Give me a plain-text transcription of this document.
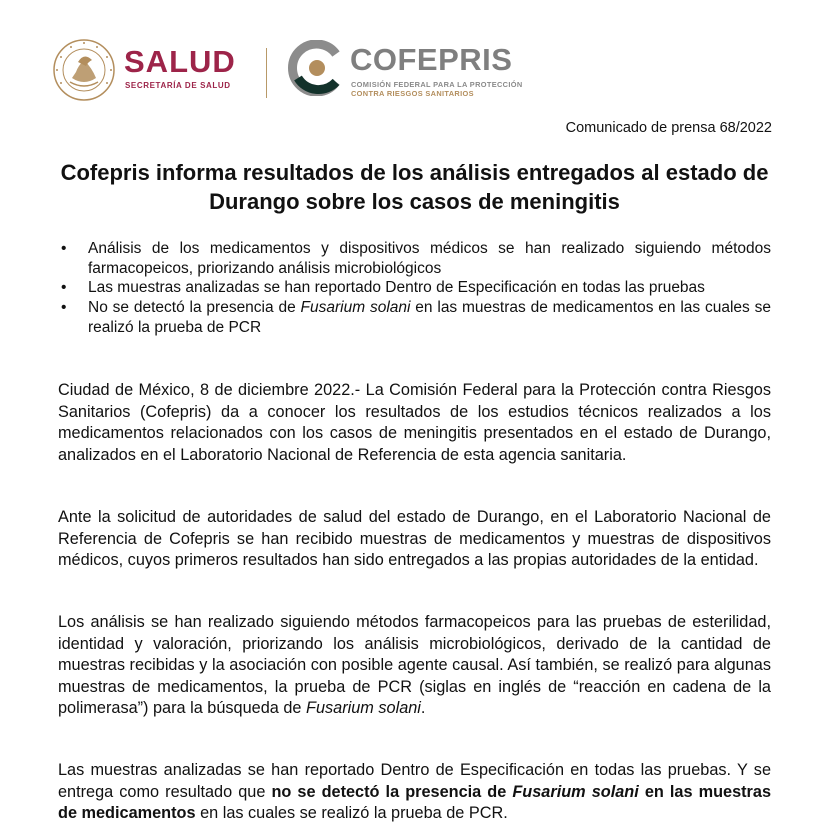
SALUD
SECRETARÍA DE SALUD
COFEPRIS
COMISIÓN FEDERAL PARA LA PROTECCIÓN
CONTRA RIESGOS SANITARIOS
Comunicado de prensa 68/2022
Cofepris informa resultados de los análisis entregados al estado de Durango sobre los casos de meningitis
• Análisis de los medicamentos y dispositivos médicos se han realizado siguiendo métodos farmacopeicos, priorizando análisis microbiológicos
• Las muestras analizadas se han reportado Dentro de Especificación en todas las pruebas
• No se detectó la presencia de Fusarium solani en las muestras de medicamentos en las cuales se realizó la prueba de PCR

Ciudad de México, 8 de diciembre 2022.- La Comisión Federal para la Protección contra Riesgos Sanitarios (Cofepris) da a conocer los resultados de los estudios técnicos realizados a los medicamentos relacionados con los casos de meningitis presentados en el estado de Durango, analizados en el Laboratorio Nacional de Referencia de esta agencia sanitaria.

Ante la solicitud de autoridades de salud del estado de Durango, en el Laboratorio Nacional de Referencia de Cofepris se han recibido muestras de medicamentos y muestras de dispositivos médicos, cuyos primeros resultados han sido entregados a las propias autoridades de la entidad.

Los análisis se han realizado siguiendo métodos farmacopeicos para las pruebas de esterilidad, identidad y valoración, priorizando los análisis microbiológicos, derivado de la cantidad de muestras recibidas y la asociación con posible agente causal. Así también, se realizó para algunas muestras de medicamentos, la prueba de PCR (siglas en inglés de “reacción en cadena de la polimerasa”) para la búsqueda de Fusarium solani.

Las muestras analizadas se han reportado Dentro de Especificación en todas las pruebas. Y se entrega como resultado que no se detectó la presencia de Fusarium solani en las muestras de medicamentos en las cuales se realizó la prueba de PCR.
